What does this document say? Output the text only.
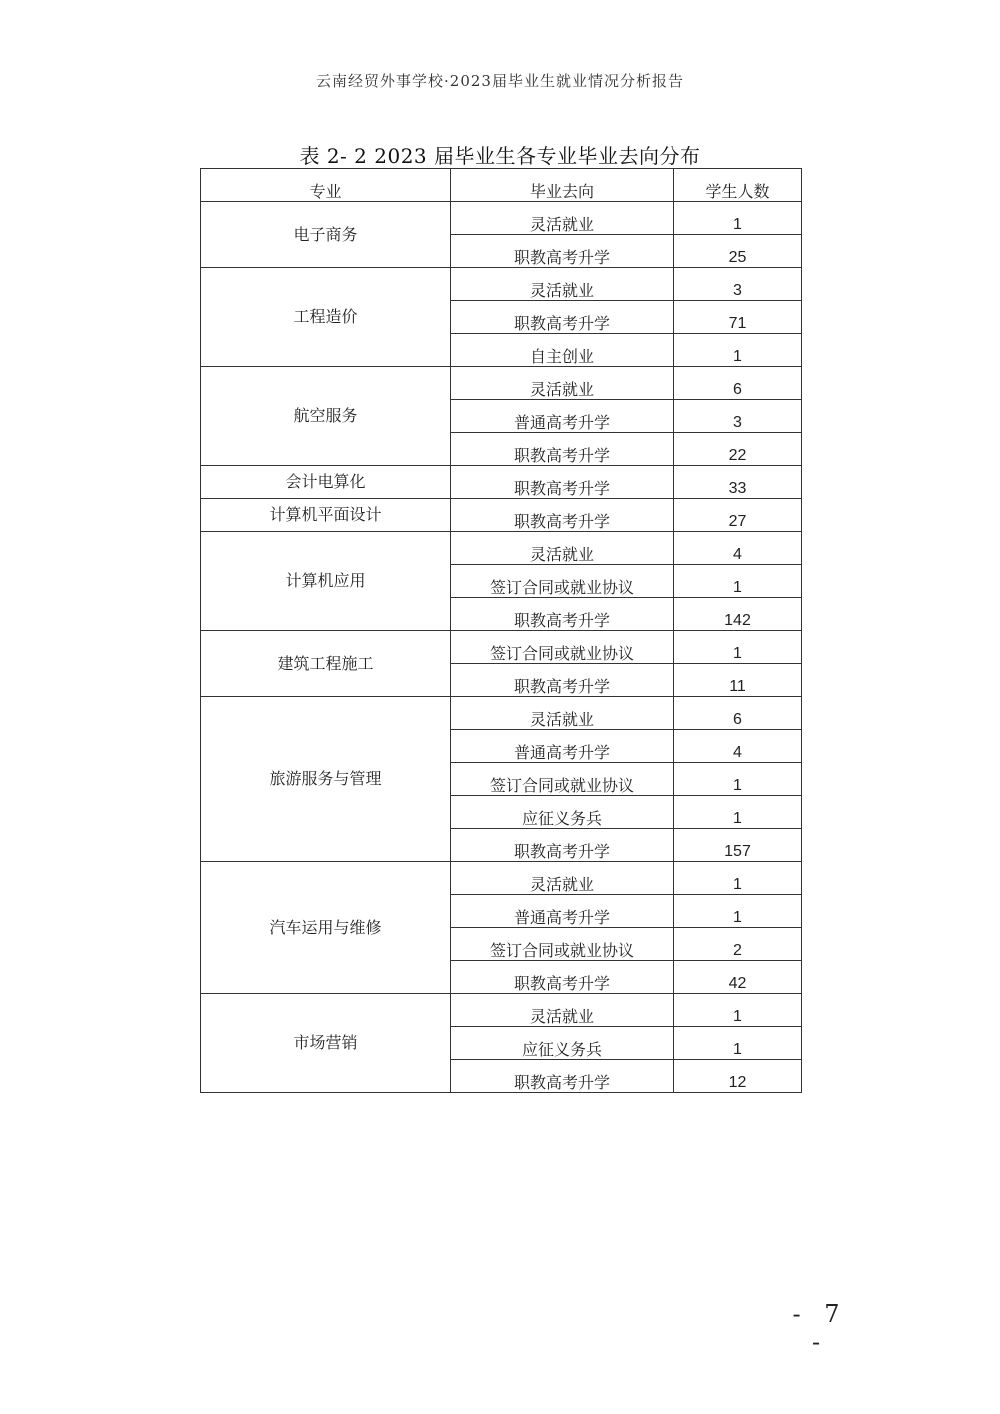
云南经贸外事学校·2023届毕业生就业情况分析报告
表 2- 2 2023 届毕业生各专业毕业去向分布
专业	毕业去向	学生人数
电子商务	灵活就业	1
	职教高考升学	25
工程造价	灵活就业	3
	职教高考升学	71
	自主创业	1
航空服务	灵活就业	6
	普通高考升学	3
	职教高考升学	22
会计电算化	职教高考升学	33
计算机平面设计	职教高考升学	27
计算机应用	灵活就业	4
	签订合同或就业协议	1
	职教高考升学	142
建筑工程施工	签订合同或就业协议	1
	职教高考升学	11
旅游服务与管理	灵活就业	6
	普通高考升学	4
	签订合同或就业协议	1
	应征义务兵	1
	职教高考升学	157
汽车运用与维修	灵活就业	1
	普通高考升学	1
	签订合同或就业协议	2
	职教高考升学	42
市场营销	灵活就业	1
	应征义务兵	1
	职教高考升学	12
- 7 -
